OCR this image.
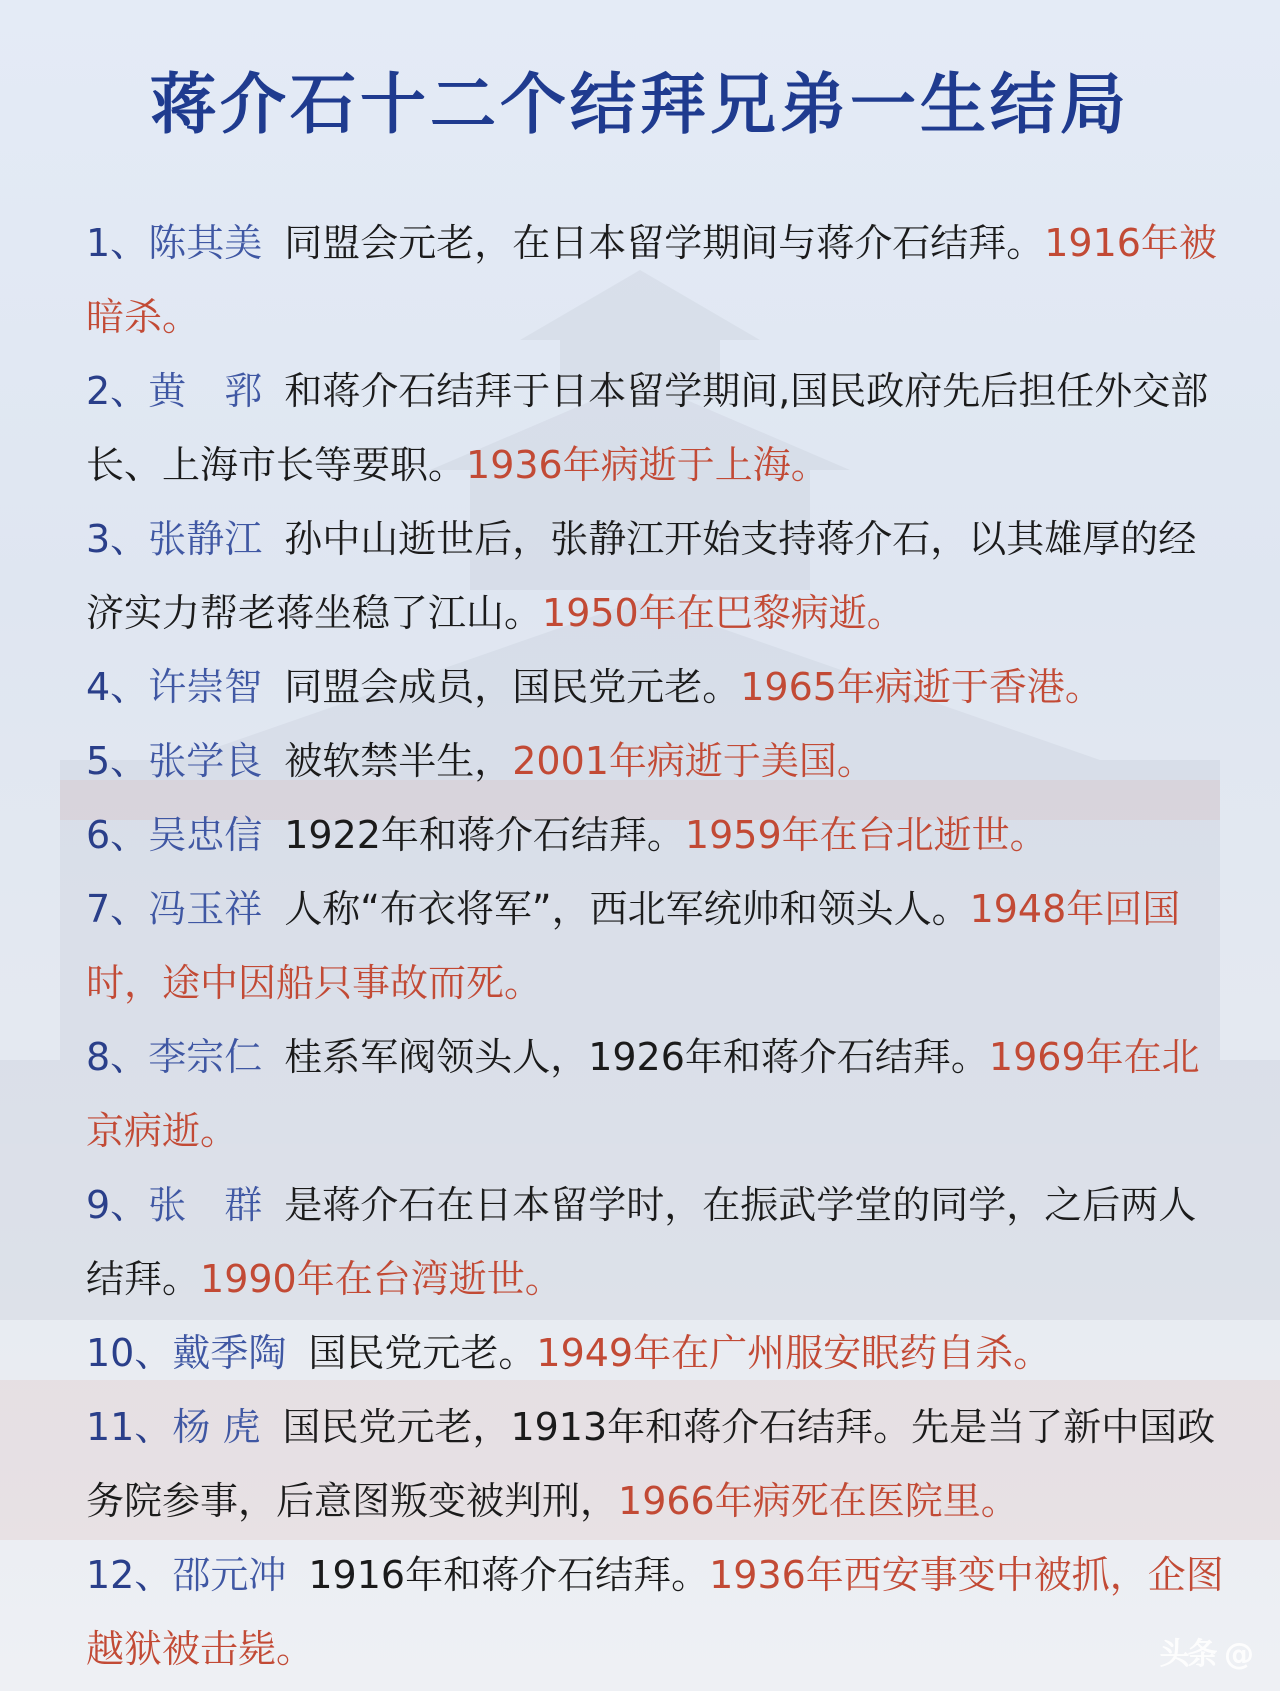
蒋介石十二个结拜兄弟一生结局
1、陈其美 同盟会元老，在日本留学期间与蒋介石结拜。1916年被暗杀。
2、黄　郛 和蒋介石结拜于日本留学期间,国民政府先后担任外交部长、上海市长等要职。1936年病逝于上海。
3、张静江 孙中山逝世后，张静江开始支持蒋介石，以其雄厚的经济实力帮老蒋坐稳了江山。1950年在巴黎病逝。
4、许崇智 同盟会成员，国民党元老。1965年病逝于香港。
5、张学良 被软禁半生，2001年病逝于美国。
6、吴忠信 1922年和蒋介石结拜。1959年在台北逝世。
7、冯玉祥 人称“布衣将军”，西北军统帅和领头人。1948年回国时，途中因船只事故而死。
8、李宗仁 桂系军阀领头人，1926年和蒋介石结拜。1969年在北京病逝。
9、张　群 是蒋介石在日本留学时，在振武学堂的同学，之后两人结拜。1990年在台湾逝世。
10、戴季陶 国民党元老。1949年在广州服安眠药自杀。
11、杨 虎 国民党元老，1913年和蒋介石结拜。先是当了新中国政务院参事，后意图叛变被判刑，1966年病死在医院里。
12、邵元冲 1916年和蒋介石结拜。1936年西安事变中被抓，企图越狱被击毙。	头条 @
